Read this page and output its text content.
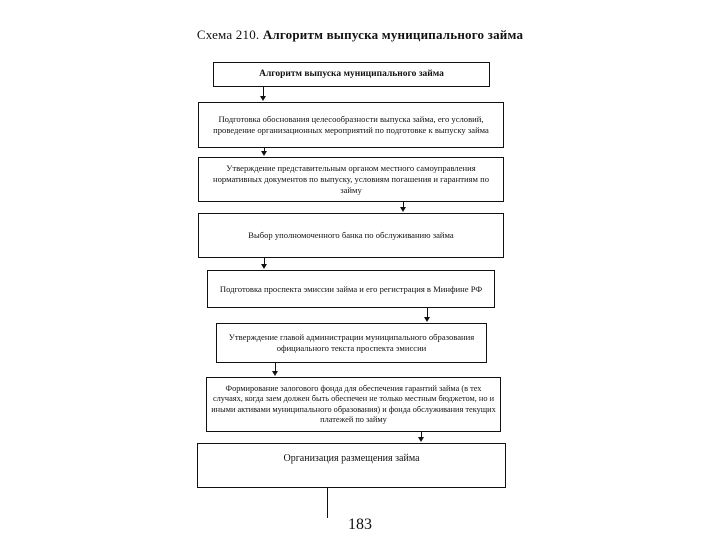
Схема 210. Алгоритм выпуска муниципального займа
Алгоритм выпуска муниципального займа
Подготовка обоснования целесообразности выпуска займа, его условий, проведение организационных мероприятий по подготовке к выпуску займа
Утверждение представительным органом местного самоуправления нормативных документов по выпуску, условиям погашения и гарантиям по займу
Выбор уполномоченного банка по обслуживанию займа
Подготовка проспекта эмиссии займа и его регистрация в Минфине РФ
Утверждение главой администрации муниципального образования официального текста проспекта эмиссии
Формирование залогового фонда для обеспечения гарантий займа (в тех случаях, когда заем должен быть обеспечен не только местным бюджетом, но и иными активами муниципального образования) и фонда обслуживания текущих платежей по займу
Организация размещения займа
183
